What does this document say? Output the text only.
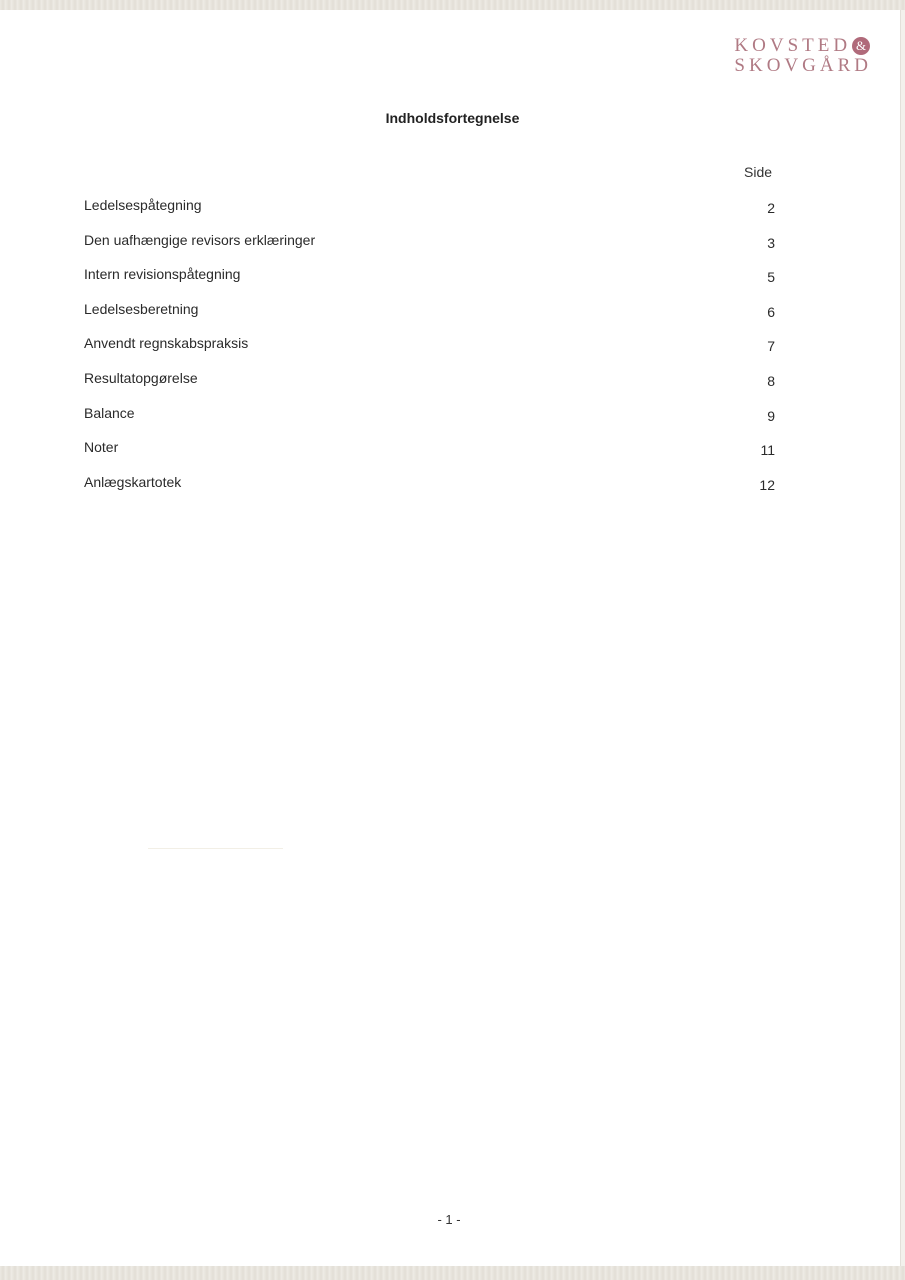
KOVSTED &
SKOVGÅRD
Indholdsfortegnelse
Side
Ledelsespåtegning	2
Den uafhængige revisors erklæringer	3
Intern revisionspåtegning	5
Ledelsesberetning	6
Anvendt regnskabspraksis	7
Resultatopgørelse	8
Balance	9
Noter	11
Anlægskartotek	12
- 1 -
